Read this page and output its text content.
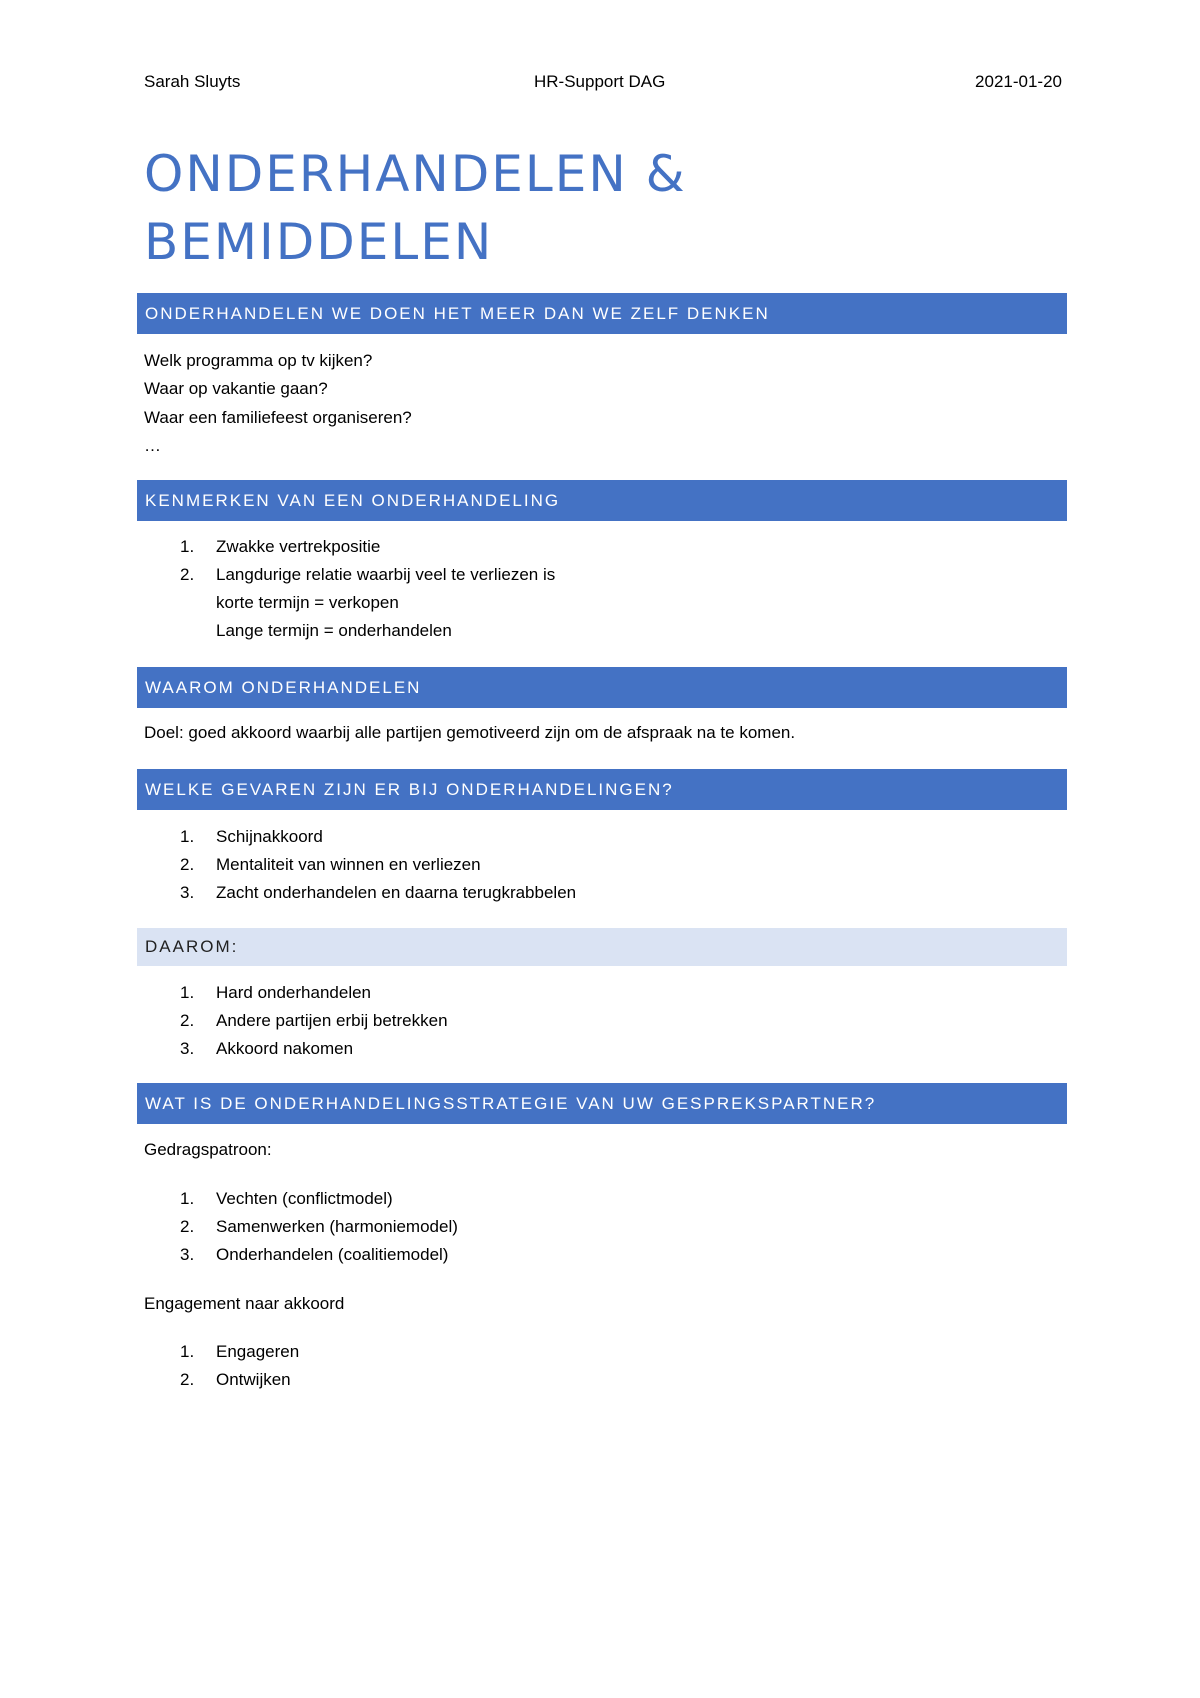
Sarah Sluyts	HR-Support DAG	2021-01-20
ONDERHANDELEN &
BEMIDDELEN
ONDERHANDELEN WE DOEN HET MEER DAN WE ZELF DENKEN
Welk programma op tv kijken?
Waar op vakantie gaan?
Waar een familiefeest organiseren?
…
KENMERKEN VAN EEN ONDERHANDELING
1. Zwakke vertrekpositie
2. Langdurige relatie waarbij veel te verliezen is
korte termijn = verkopen
Lange termijn = onderhandelen
WAAROM ONDERHANDELEN
Doel: goed akkoord waarbij alle partijen gemotiveerd zijn om de afspraak na te komen.
WELKE GEVAREN ZIJN ER BIJ ONDERHANDELINGEN?
1. Schijnakkoord
2. Mentaliteit van winnen en verliezen
3. Zacht onderhandelen en daarna terugkrabbelen
DAAROM:
1. Hard onderhandelen
2. Andere partijen erbij betrekken
3. Akkoord nakomen
WAT IS DE ONDERHANDELINGSSTRATEGIE VAN UW GESPREKSPARTNER?
Gedragspatroon:
1. Vechten (conflictmodel)
2. Samenwerken (harmoniemodel)
3. Onderhandelen (coalitiemodel)
Engagement naar akkoord
1. Engageren
2. Ontwijken
